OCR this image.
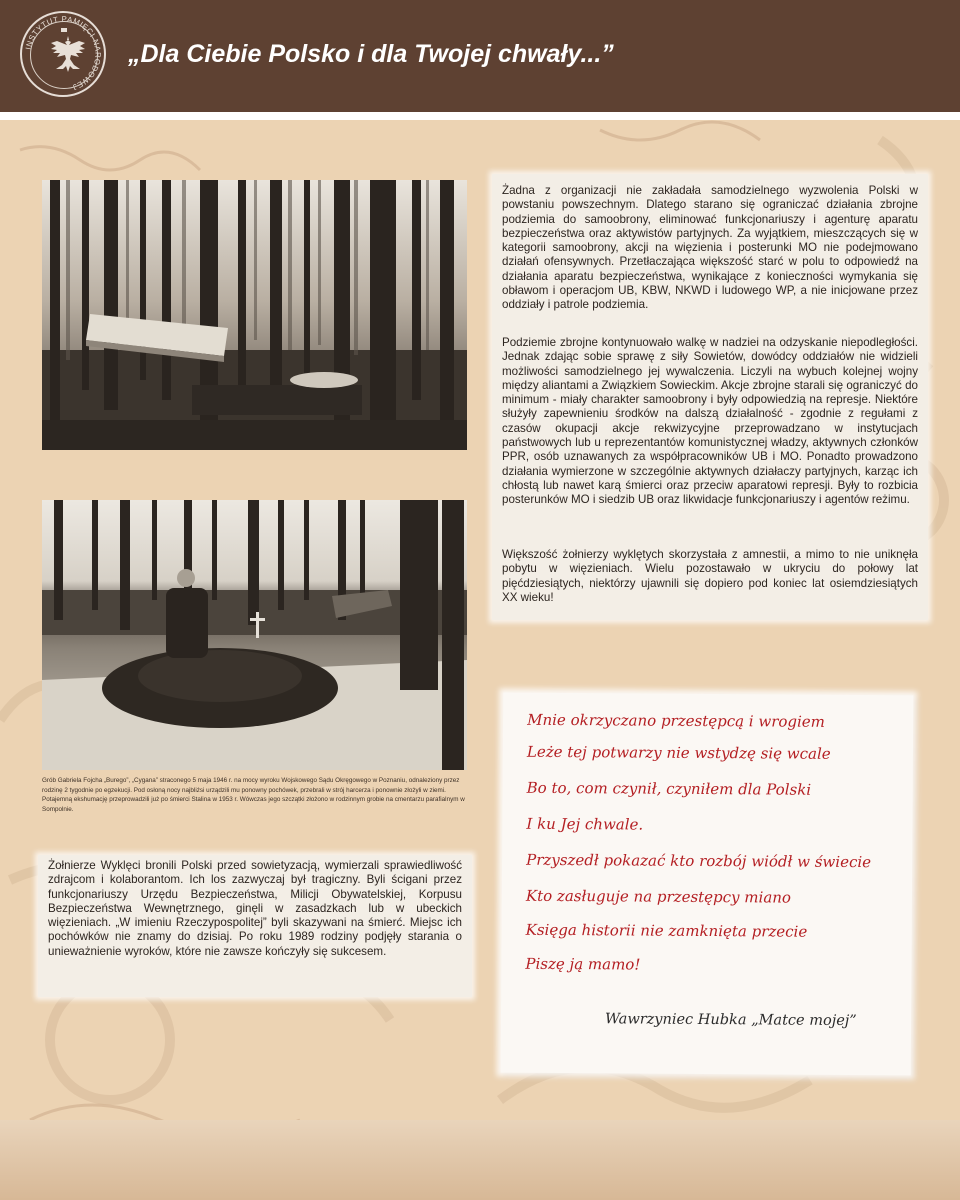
INSTYTUT PAMIĘCI NARODOWEJ
„Dla Ciebie Polsko i dla Twojej chwały...”
Grób Gabriela Fojcha „Burego”, „Cygana” straconego 5 maja 1946 r. na mocy wyroku Wojskowego Sądu Okręgowego w Poznaniu, odnaleziony przez rodzinę 2 tygodnie po egzekucji. Pod osłoną nocy najbliżsi urządzili mu ponowny pochówek, przebrali w strój harcerza i ponownie złożyli w ziemi. Potajemną ekshumację przeprowadzili już po śmierci Stalina w 1953 r. Wówczas jego szczątki złożono w rodzinnym grobie na cmentarzu parafialnym w Sompolnie.

Żadna z organizacji nie zakładała samodzielnego wyzwolenia Polski w powstaniu powszechnym. Dlatego starano się ograniczać działania zbrojne podziemia do samoobrony, eliminować funkcjonariuszy i agenturę aparatu bezpieczeństwa oraz aktywistów partyjnych. Za wyjątkiem, mieszczących się w kategorii samoobrony, akcji na więzienia i posterunki MO nie podejmowano działań ofensywnych. Przetłaczająca większość starć w polu to odpowiedź na działania aparatu bezpieczeństwa, wynikające z konieczności wymykania się obławom i operacjom UB, KBW, NKWD i ludowego WP, a nie inicjowane przez oddziały i patrole podziemia.

Podziemie zbrojne kontynuowało walkę w nadziei na odzyskanie niepodległości. Jednak zdając sobie sprawę z siły Sowietów, dowódcy oddziałów nie widzieli możliwości samodzielnego jej wywalczenia. Liczyli na wybuch kolejnej wojny między aliantami a Związkiem Sowieckim. Akcje zbrojne starali się ograniczyć do minimum - miały charakter samoobrony i były odpowiedzią na represje. Niektóre służyły zapewnieniu środków na dalszą działalność - zgodnie z regułami z czasów okupacji akcje rekwizycyjne przeprowadzano w instytucjach państwowych lub u reprezentantów komunistycznej władzy, aktywnych członków PPR, osób uznawanych za współpracowników UB i MO. Ponadto prowadzono działania wymierzone w szczególnie aktywnych działaczy partyjnych, karząc ich chłostą lub nawet karą śmierci oraz przeciw aparatowi represji. Były to rozbicia posterunków MO i siedzib UB oraz likwidacje funkcjonariuszy i agentów reżimu.

Większość żołnierzy wyklętych skorzystała z amnestii, a mimo to nie uniknęła pobytu w więzieniach. Wielu pozostawało w ukryciu do połowy lat pięćdziesiątych, niektórzy ujawnili się dopiero pod koniec lat osiemdziesiątych XX wieku!

Żołnierze Wyklęci bronili Polski przed sowietyzacją, wymierzali sprawiedliwość zdrajcom i kolaborantom. Ich los zazwyczaj był tragiczny. Byli ścigani przez funkcjonariuszy Urzędu Bezpieczeństwa, Milicji Obywatelskiej, Korpusu Bezpieczeństwa Wewnętrznego, ginęli w zasadzkach lub w ubeckich więzieniach. „W imieniu Rzeczypospolitej” byli skazywani na śmierć. Miejsc ich pochówków nie znamy do dzisiaj. Po roku 1989 rodziny podjęły starania o unieważnienie wyroków, które nie zawsze kończyły się sukcesem.

Mnie okrzyczano przestępcą i wrogiem
Leże tej potwarzy nie wstydzę się wcale
Bo to, com czynił, czyniłem dla Polski
I ku Jej chwale.
Przyszedł pokazać kto rozbój wiódł w świecie
Kto zasługuje na przestępcy miano
Księga historii nie zamknięta przecie
Piszę ją mamo!
Wawrzyniec Hubka „Matce mojej”
